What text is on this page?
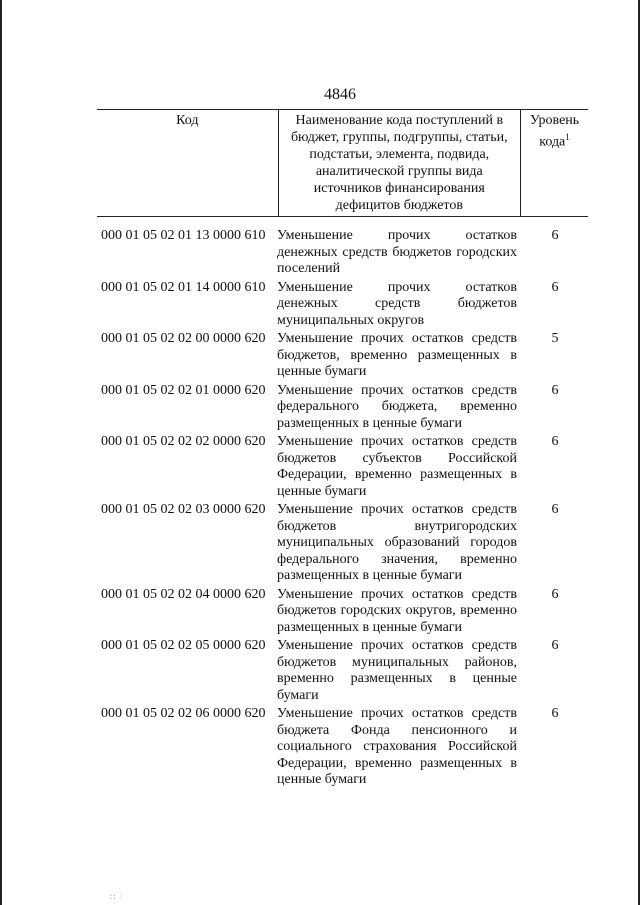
4846
Код	Наименование кода поступлений в бюджет, группы, подгруппы, статьи, подстатьи, элемента, подвида, аналитической группы вида источников финансирования дефицитов бюджетов	Уровень кода$^1$
000 01 05 02 01 13 0000 610 Уменьшение прочих остатков денежных средств бюджетов городских поселений
6
000 01 05 02 01 14 0000 610 Уменьшение прочих остатков денежных средств бюджетов муниципальных округов
6
000 01 05 02 02 00 0000 620 Уменьшение прочих остатков средств бюджетов, временно размещенных в ценные бумаги
5
000 01 05 02 02 01 0000 620 Уменьшение прочих остатков средств федерального бюджета, временно размещенных в ценные бумаги
6
000 01 05 02 02 02 0000 620 Уменьшение прочих остатков средств бюджетов субъектов Российской Федерации, временно размещенных в ценные бумаги
6
000 01 05 02 02 03 0000 620 Уменьшение прочих остатков средств бюджетов внутригородских муниципальных образований городов федерального значения, временно размещенных в ценные бумаги
6
000 01 05 02 02 04 0000 620 Уменьшение прочих остатков средств бюджетов городских округов, временно размещенных в ценные бумаги
6
000 01 05 02 02 05 0000 620 Уменьшение прочих остатков средств бюджетов муниципальных районов, временно размещенных в ценные бумаги
6
000 01 05 02 02 06 0000 620 Уменьшение прочих остатков средств бюджета Фонда пенсионного и социального страхования Российской Федерации, временно размещенных в ценные бумаги
6
:: ·
